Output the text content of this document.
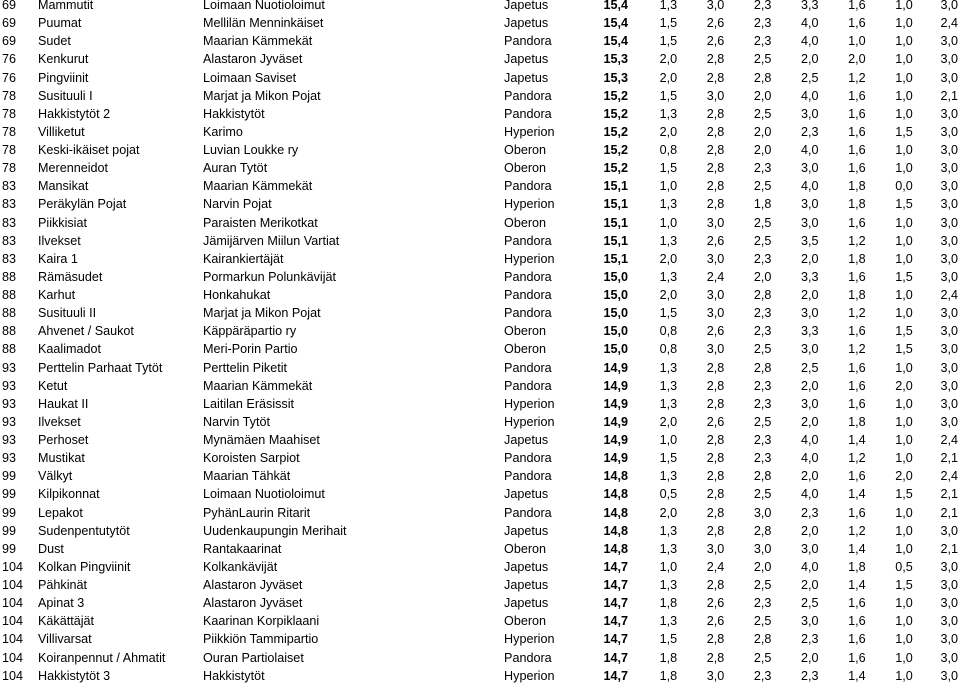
69	Mammutit	Loimaan Nuotioloimut	Japetus	15,4	1,3	3,0	2,3	3,3	1,6	1,0	3,0
69	Puumat	Mellilän Menninkäiset	Japetus	15,4	1,5	2,6	2,3	4,0	1,6	1,0	2,4
69	Sudet	Maarian Kämmekät	Pandora	15,4	1,5	2,6	2,3	4,0	1,0	1,0	3,0
76	Kenkurut	Alastaron Jyväset	Japetus	15,3	2,0	2,8	2,5	2,0	2,0	1,0	3,0
76	Pingviinit	Loimaan Saviset	Japetus	15,3	2,0	2,8	2,8	2,5	1,2	1,0	3,0
78	Susituuli I	Marjat ja Mikon Pojat	Pandora	15,2	1,5	3,0	2,0	4,0	1,6	1,0	2,1
78	Hakkistytöt 2	Hakkistytöt	Pandora	15,2	1,3	2,8	2,5	3,0	1,6	1,0	3,0
78	Villiketut	Karimo	Hyperion	15,2	2,0	2,8	2,0	2,3	1,6	1,5	3,0
78	Keski-ikäiset pojat	Luvian Loukke ry	Oberon	15,2	0,8	2,8	2,0	4,0	1,6	1,0	3,0
78	Merenneidot	Auran Tytöt	Oberon	15,2	1,5	2,8	2,3	3,0	1,6	1,0	3,0
83	Mansikat	Maarian Kämmekät	Pandora	15,1	1,0	2,8	2,5	4,0	1,8	0,0	3,0
83	Peräkylän Pojat	Narvin Pojat	Hyperion	15,1	1,3	2,8	1,8	3,0	1,8	1,5	3,0
83	Piikkisiat	Paraisten Merikotkat	Oberon	15,1	1,0	3,0	2,5	3,0	1,6	1,0	3,0
83	Ilvekset	Jämijärven Miilun Vartiat	Pandora	15,1	1,3	2,6	2,5	3,5	1,2	1,0	3,0
83	Kaira 1	Kairankiertäjät	Hyperion	15,1	2,0	3,0	2,3	2,0	1,8	1,0	3,0
88	Rämäsudet	Pormarkun Polunkävijät	Pandora	15,0	1,3	2,4	2,0	3,3	1,6	1,5	3,0
88	Karhut	Honkahukat	Pandora	15,0	2,0	3,0	2,8	2,0	1,8	1,0	2,4
88	Susituuli II	Marjat ja Mikon Pojat	Pandora	15,0	1,5	3,0	2,3	3,0	1,2	1,0	3,0
88	Ahvenet / Saukot	Käppäräpartio ry	Oberon	15,0	0,8	2,6	2,3	3,3	1,6	1,5	3,0
88	Kaalimadot	Meri-Porin Partio	Oberon	15,0	0,8	3,0	2,5	3,0	1,2	1,5	3,0
93	Perttelin Parhaat Tytöt	Perttelin Piketit	Pandora	14,9	1,3	2,8	2,8	2,5	1,6	1,0	3,0
93	Ketut	Maarian Kämmekät	Pandora	14,9	1,3	2,8	2,3	2,0	1,6	2,0	3,0
93	Haukat II	Laitilan Eräsissit	Hyperion	14,9	1,3	2,8	2,3	3,0	1,6	1,0	3,0
93	Ilvekset	Narvin Tytöt	Hyperion	14,9	2,0	2,6	2,5	2,0	1,8	1,0	3,0
93	Perhoset	Mynämäen Maahiset	Japetus	14,9	1,0	2,8	2,3	4,0	1,4	1,0	2,4
93	Mustikat	Koroisten Sarpiot	Pandora	14,9	1,5	2,8	2,3	4,0	1,2	1,0	2,1
99	Välkyt	Maarian Tähkät	Pandora	14,8	1,3	2,8	2,8	2,0	1,6	2,0	2,4
99	Kilpikonnat	Loimaan Nuotioloimut	Japetus	14,8	0,5	2,8	2,5	4,0	1,4	1,5	2,1
99	Lepakot	PyhänLaurin Ritarit	Pandora	14,8	2,0	2,8	3,0	2,3	1,6	1,0	2,1
99	Sudenpentutytöt	Uudenkaupungin Merihait	Japetus	14,8	1,3	2,8	2,8	2,0	1,2	1,0	3,0
99	Dust	Rantakaarinat	Oberon	14,8	1,3	3,0	3,0	3,0	1,4	1,0	2,1
104	Kolkan Pingviinit	Kolkankävijät	Japetus	14,7	1,0	2,4	2,0	4,0	1,8	0,5	3,0
104	Pähkinät	Alastaron Jyväset	Japetus	14,7	1,3	2,8	2,5	2,0	1,4	1,5	3,0
104	Apinat 3	Alastaron Jyväset	Japetus	14,7	1,8	2,6	2,3	2,5	1,6	1,0	3,0
104	Käkättäjät	Kaarinan Korpiklaani	Oberon	14,7	1,3	2,6	2,5	3,0	1,6	1,0	3,0
104	Villivarsat	Piikkiön Tammipartio	Hyperion	14,7	1,5	2,8	2,8	2,3	1,6	1,0	3,0
104	Koiranpennut / Ahmatit	Ouran Partiolaiset	Pandora	14,7	1,8	2,8	2,5	2,0	1,6	1,0	3,0
104	Hakkistytöt 3	Hakkistytöt	Hyperion	14,7	1,8	3,0	2,3	2,3	1,4	1,0	3,0
